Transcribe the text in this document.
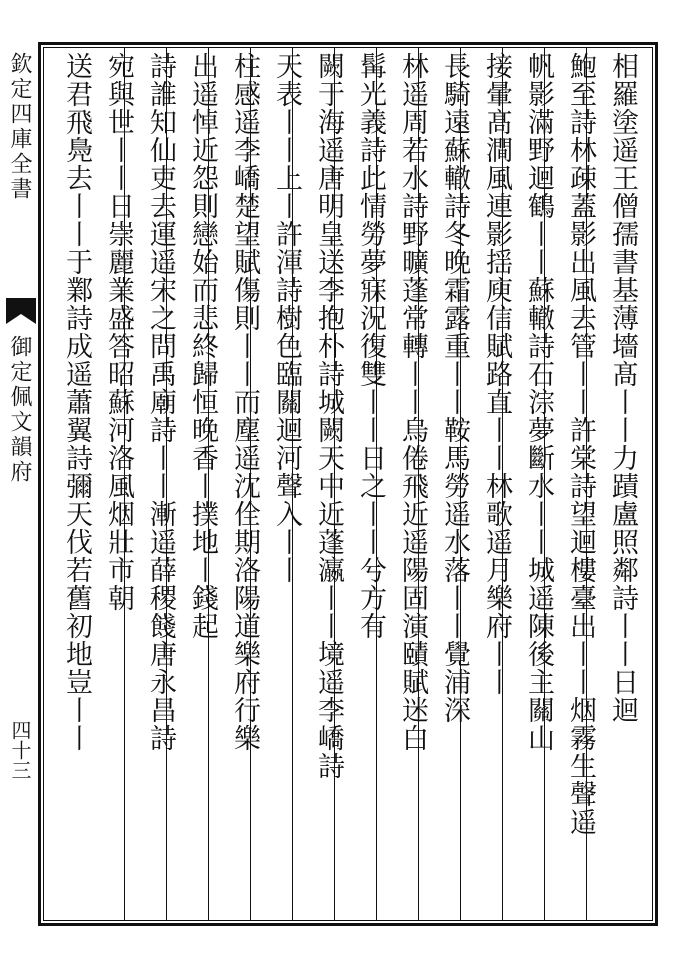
欽定四庫全書
御定佩文韻府
四十三
相羅塗遥王僧孺書基薄墻髙丨丨力蹟盧照鄰詩丨丨日迴
鮑至詩林疎蓋影出風去管丨丨許棠詩望迴樓臺出丨丨烟霧生聲遥
帆影滿野迴鶴丨丨蘇轍詩石淙夢斷水丨丨城遥陳後主關山
接暈髙澗風連影揺庾信賦路直丨丨林歌遥月樂府丨丨
長騎遠蘇轍詩冬晚霜露重丨丨鞍馬勞遥水落丨丨覺浦深
林遥周若水詩野曠蓬常轉丨丨烏倦飛近遥陽固演賾賦迷白
髯光義詩此情勞夢寐況復雙丨丨日之丨丨兮方有
闕于海遥唐明皇送李抱朴詩城闕天中近蓬瀛丨丨境遥李嶠詩
天表丨丨上丨許渾詩樹色臨關迴河聲入丨丨
柱感遥李嶠楚望賦傷則丨丨而塵遥沈佺期洛陽道樂府行樂
出遥悼近怨則戀始而悲終歸恒晚香丨撲地丨錢起
詩誰知仙吏去運遥宋之問禹廟詩丨丨漸遥薛稷餞唐永昌詩
宛與世丨丨日崇麗業盛答昭蘇河洛風烟壯市朝
送君飛鳧去丨丨于鄴詩成遥蕭翼詩彌天伐若舊初地豈丨丨
